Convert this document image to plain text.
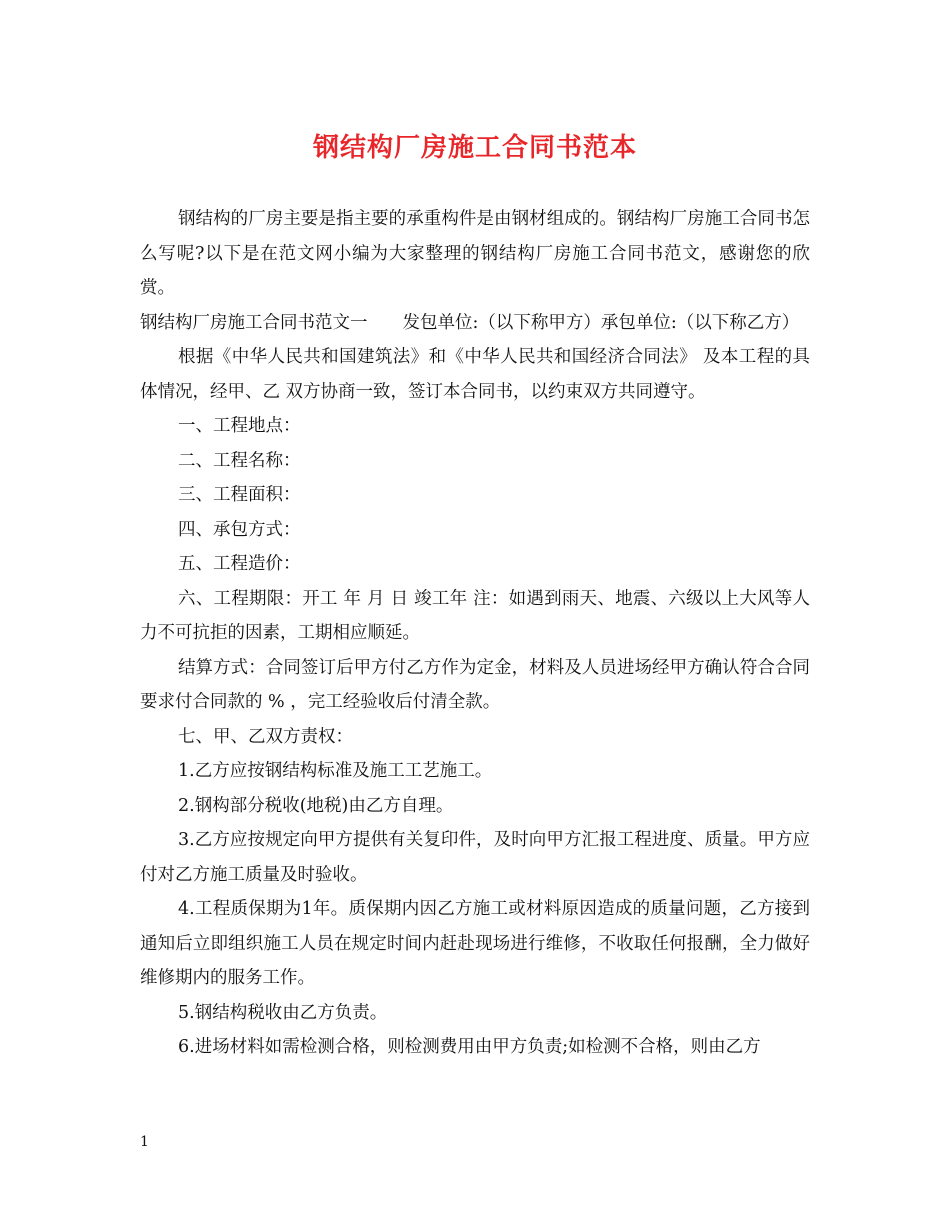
钢结构厂房施工合同书范本

钢结构的厂房主要是指主要的承重构件是由钢材组成的。钢结构厂房施工合同书怎么写呢?以下是在范文网小编为大家整理的钢结构厂房施工合同书范文，感谢您的欣赏。

钢结构厂房施工合同书范文一　　发包单位:（以下称甲方）承包单位:（以下称乙方）

根据《中华人民共和国建筑法》和《中华人民共和国经济合同法》 及本工程的具体情况，经甲、乙 双方协商一致，签订本合同书，以约束双方共同遵守。

一、工程地点：

二、工程名称：

三、工程面积：

四、承包方式：

五、工程造价：

六、工程期限：开工 年 月 日 竣工年 注：如遇到雨天、地震、六级以上大风等人力不可抗拒的因素，工期相应顺延。

结算方式：合同签订后甲方付乙方作为定金，材料及人员进场经甲方确认符合合同要求付合同款的 % ，完工经验收后付清全款。

七、甲、乙双方责权：

1.乙方应按钢结构标准及施工工艺施工。

2.钢构部分税收(地税)由乙方自理。

3.乙方应按规定向甲方提供有关复印件，及时向甲方汇报工程进度、质量。甲方应付对乙方施工质量及时验收。

4.工程质保期为1年。质保期内因乙方施工或材料原因造成的质量问题，乙方接到通知后立即组织施工人员在规定时间内赶赴现场进行维修，不收取任何报酬，全力做好维修期内的服务工作。

5.钢结构税收由乙方负责。

6.进场材料如需检测合格，则检测费用由甲方负责;如检测不合格，则由乙方

1
